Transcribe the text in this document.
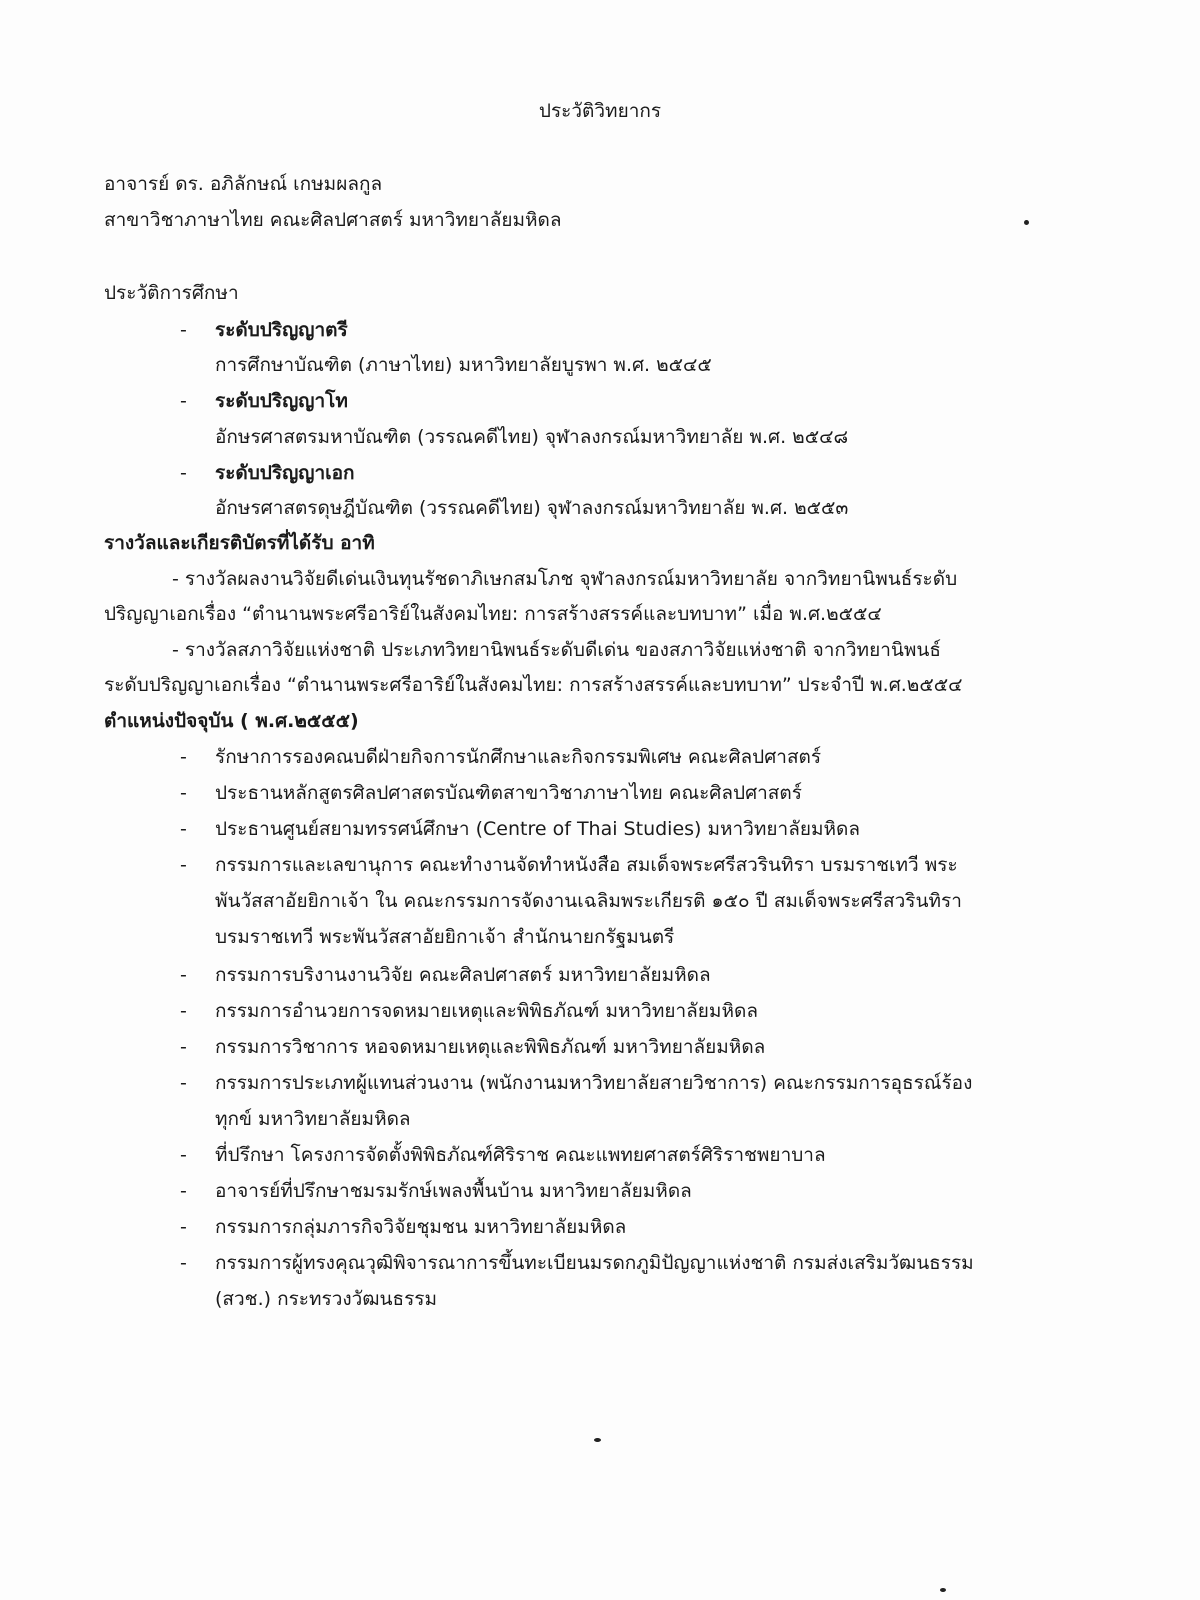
ประวัติวิทยากร
อาจารย์ ดร. อภิลักษณ์ เกษมผลกูล
สาขาวิชาภาษาไทย คณะศิลปศาสตร์ มหาวิทยาลัยมหิดล
ประวัติการศึกษา
- ระดับปริญญาตรี
การศึกษาบัณฑิต (ภาษาไทย) มหาวิทยาลัยบูรพา พ.ศ. ๒๕๔๕
- ระดับปริญญาโท
อักษรศาสตรมหาบัณฑิต (วรรณคดีไทย) จุฬาลงกรณ์มหาวิทยาลัย พ.ศ. ๒๕๔๘
- ระดับปริญญาเอก
อักษรศาสตรดุษฎีบัณฑิต (วรรณคดีไทย) จุฬาลงกรณ์มหาวิทยาลัย พ.ศ. ๒๕๕๓
รางวัลและเกียรติบัตรที่ได้รับ อาทิ
- รางวัลผลงานวิจัยดีเด่นเงินทุนรัชดาภิเษกสมโภช จุฬาลงกรณ์มหาวิทยาลัย จากวิทยานิพนธ์ระดับ
ปริญญาเอกเรื่อง “ตำนานพระศรีอาริย์ในสังคมไทย: การสร้างสรรค์และบทบาท” เมื่อ พ.ศ.๒๕๕๔
- รางวัลสภาวิจัยแห่งชาติ ประเภทวิทยานิพนธ์ระดับดีเด่น ของสภาวิจัยแห่งชาติ จากวิทยานิพนธ์
ระดับปริญญาเอกเรื่อง “ตำนานพระศรีอาริย์ในสังคมไทย: การสร้างสรรค์และบทบาท” ประจำปี พ.ศ.๒๕๕๔
ตำแหน่งปัจจุบัน ( พ.ศ.๒๕๕๕)
- รักษาการรองคณบดีฝ่ายกิจการนักศึกษาและกิจกรรมพิเศษ คณะศิลปศาสตร์
- ประธานหลักสูตรศิลปศาสตรบัณฑิตสาขาวิชาภาษาไทย คณะศิลปศาสตร์
- ประธานศูนย์สยามทรรศน์ศึกษา (Centre of Thai Studies) มหาวิทยาลัยมหิดล
- กรรมการและเลขานุการ คณะทำงานจัดทำหนังสือ สมเด็จพระศรีสวรินทิรา บรมราชเทวี พระ
พันวัสสาอัยยิกาเจ้า ใน คณะกรรมการจัดงานเฉลิมพระเกียรติ ๑๕๐ ปี สมเด็จพระศรีสวรินทิรา
บรมราชเทวี พระพันวัสสาอัยยิกาเจ้า สำนักนายกรัฐมนตรี
- กรรมการบริงานงานวิจัย คณะศิลปศาสตร์ มหาวิทยาลัยมหิดล
- กรรมการอำนวยการจดหมายเหตุและพิพิธภัณฑ์ มหาวิทยาลัยมหิดล
- กรรมการวิชาการ หอจดหมายเหตุและพิพิธภัณฑ์ มหาวิทยาลัยมหิดล
- กรรมการประเภทผู้แทนส่วนงาน (พนักงานมหาวิทยาลัยสายวิชาการ) คณะกรรมการอุธรณ์ร้อง
ทุกข์ มหาวิทยาลัยมหิดล
- ที่ปรึกษา โครงการจัดตั้งพิพิธภัณฑ์ศิริราช คณะแพทยศาสตร์ศิริราชพยาบาล
- อาจารย์ที่ปรึกษาชมรมรักษ์เพลงพื้นบ้าน มหาวิทยาลัยมหิดล
- กรรมการกลุ่มภารกิจวิจัยชุมชน มหาวิทยาลัยมหิดล
- กรรมการผู้ทรงคุณวุฒิพิจารณาการขึ้นทะเบียนมรดกภูมิปัญญาแห่งชาติ กรมส่งเสริมวัฒนธรรม
(สวช.) กระทรวงวัฒนธรรม
